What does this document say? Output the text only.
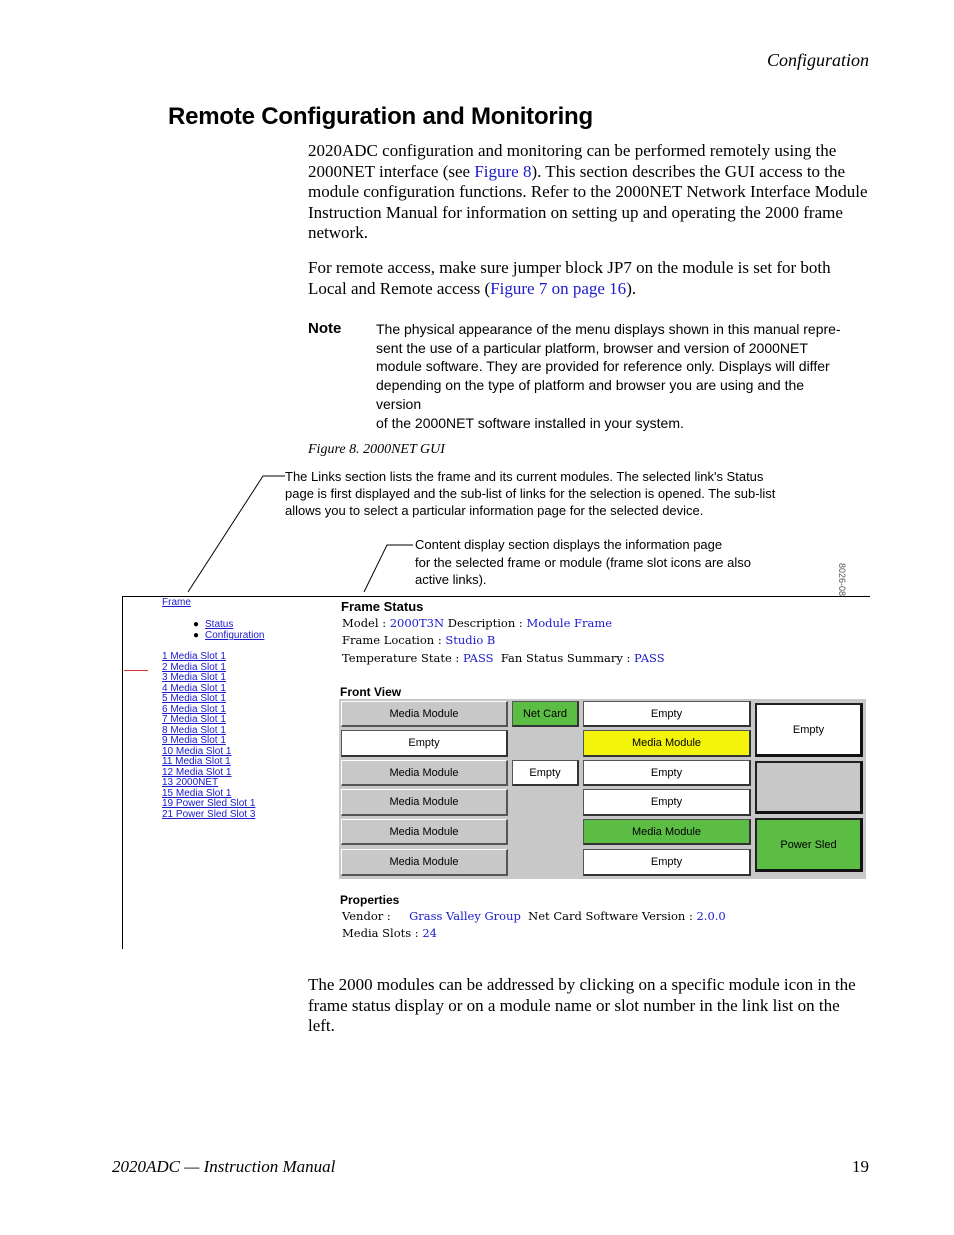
Configuration
Remote Configuration and Monitoring
2020ADC configuration and monitoring can be performed remotely using the 2000NET interface (see Figure 8). This section describes the GUI access to the module configuration functions. Refer to the 2000NET Network Interface Module Instruction Manual for information on setting up and operating the 2000 frame network.
For remote access, make sure jumper block JP7 on the module is set for both Local and Remote access (Figure 7 on page 16).
Note The physical appearance of the menu displays shown in this manual repre-
sent the use of a particular platform, browser and version of 2000NET
module software. They are provided for reference only. Displays will differ
depending on the type of platform and browser you are using and the version
of the 2000NET software installed in your system.
Figure 8. 2000NET GUI
The Links section lists the frame and its current modules. The selected link's Status
page is first displayed and the sub-list of links for the selection is opened. The sub-list
allows you to select a particular information page for the selected device.
Content display section displays the information page
for the selected frame or module (frame slot icons are also
active links).	8026-08
Frame
● Status
● Configuration
1 Media Slot 1
2 Media Slot 1
3 Media Slot 1
4 Media Slot 1
5 Media Slot 1
6 Media Slot 1
7 Media Slot 1
8 Media Slot 1
9 Media Slot 1
10 Media Slot 1
11 Media Slot 1
12 Media Slot 1
13 2000NET
15 Media Slot 1
19 Power Sled Slot 1
21 Power Sled Slot 3
Frame Status
Model : 2000T3N Description : Module Frame
Frame Location : Studio B
Temperature State : PASS Fan Status Summary : PASS
Front View
Media Module
Empty
Media Module
Media Module
Media Module
Media Module
Net Card
Empty
Empty
Media Module
Empty
Empty
Media Module
Empty
Empty
Power Sled
Properties
Vendor :     Grass Valley Group Net Card Software Version : 2.0.0
Media Slots : 24
The 2000 modules can be addressed by clicking on a specific module icon in the frame status display or on a module name or slot number in the link list on the left.
2020ADC — Instruction Manual	19
